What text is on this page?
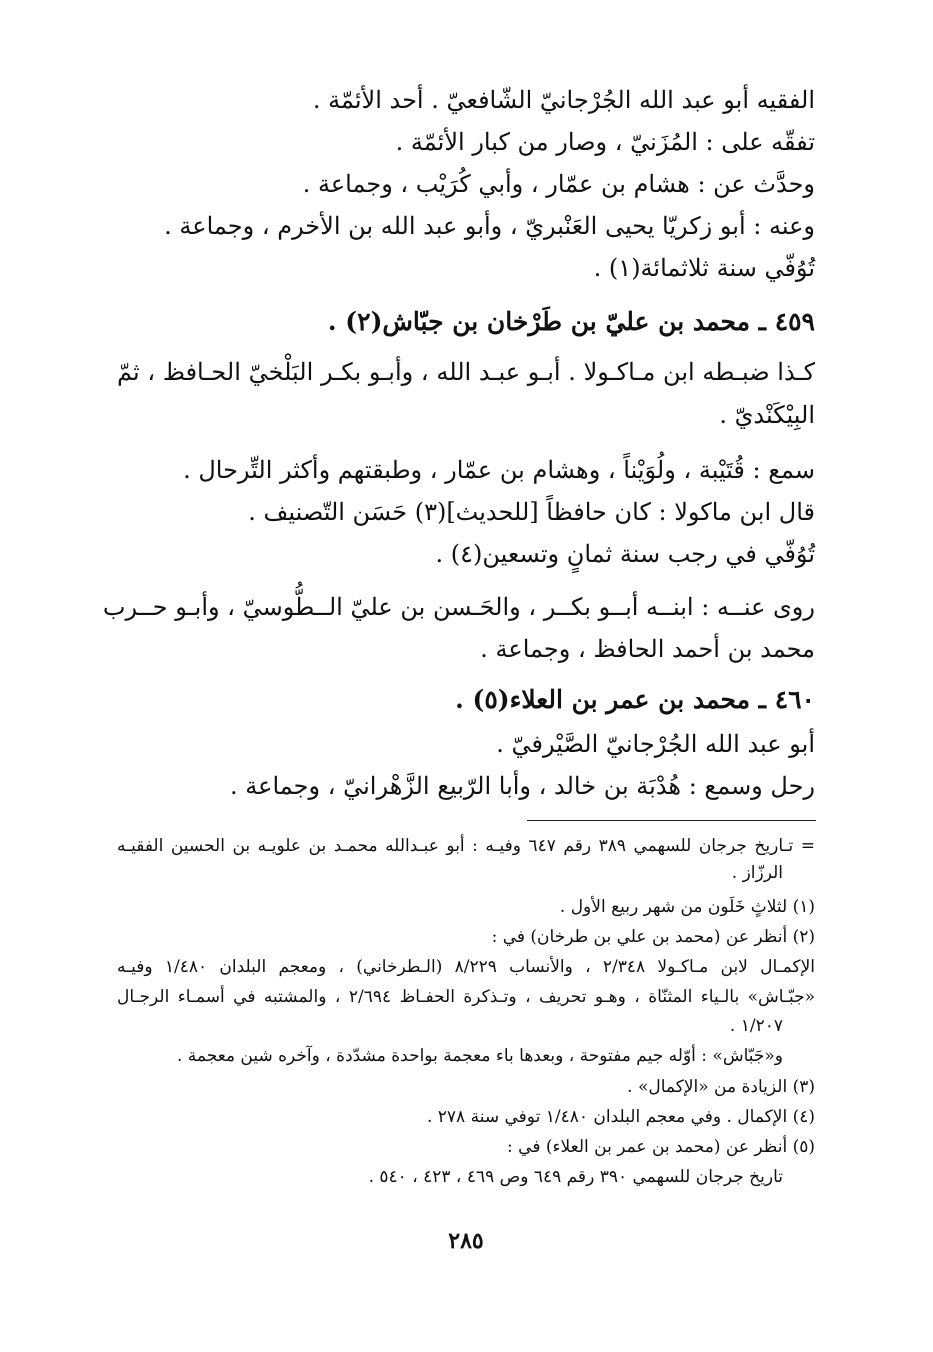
الفقيه أبو عبد الله الجُرْجانيّ الشّافعيّ . أحد الأئمّة .
تفقّه على : المُزَنيّ ، وصار من كبار الأئمّة .
وحدَّث عن : هشام بن عمّار ، وأبي كُرَيْب ، وجماعة .
وعنه : أبو زكريّا يحيى العَنْبريّ ، وأبو عبد الله بن الأخرم ، وجماعة .
تُوُفّي سنة ثلاثمائة(١) .
٤٥٩ ـ محمد بن عليّ بن طَرْخان بن جبّاش(٢) .
كـذا ضبـطه ابن مـاكـولا . أبـو عبـد الله ، وأبـو بكـر البَلْخيّ الحـافظ ، ثمّ
البِيْكَنْديّ .
سمع : قُتَيْبة ، ولُوَيْناً ، وهشام بن عمّار ، وطبقتهم وأكثر التِّرحال .
قال ابن ماكولا : كان حافظاً [للحديث](٣) حَسَن التّصنيف .
تُوُفّي في رجب سنة ثمانٍ وتسعين(٤) .
روى عنــه : ابنــه أبــو بكــر ، والحَـسن بن عليّ الــطُّوسيّ ، وأبـو حــرب
محمد بن أحمد الحافظ ، وجماعة .
٤٦٠ ـ محمد بن عمر بن العلاء(٥) .
أبو عبد الله الجُرْجانيّ الصَّيْرفيّ .
رحل وسمع : هُدْبَة بن خالد ، وأبا الرّبيع الزَّهْرانيّ ، وجماعة .
= تـاريخ جرجان للسهمي ٣٨٩ رقم ٦٤٧ وفيـه : أبو عبـدالله محمـد بن علويـه بن الحسين الفقيـه
الرزّاز .
(١) لثلاثٍ خَلَون من شهر ربيع الأول .
(٢) أنظر عن (محمد بن علي بن طرخان) في :
الإكمـال لابن مـاكـولا ٢/٣٤٨ ، والأنساب ٨/٢٢٩ (الـطرخاني) ، ومعجم البلدان ١/٤٨٠ وفيـه
«جبّـاش» بالـياء المثنّاة ، وهـو تحريف ، وتـذكرة الحفـاظ ٢/٦٩٤ ، والمشتبه في أسمـاء الرجـال
١/٢٠٧ .
و«جَبّاش» : أوّله جيم مفتوحة ، وبعدها باء معجمة بواحدة مشدّدة ، وآخره شين معجمة .
(٣) الزيادة من «الإكمال» .
(٤) الإكمال . وفي معجم البلدان ١/٤٨٠ توفي سنة ٢٧٨ .
(٥) أنظر عن (محمد بن عمر بن العلاء) في :
تاريخ جرجان للسهمي ٣٩٠ رقم ٦٤٩ وص ٤٦٩ ، ٤٢٣ ، ٥٤٠ .
٢٨٥
